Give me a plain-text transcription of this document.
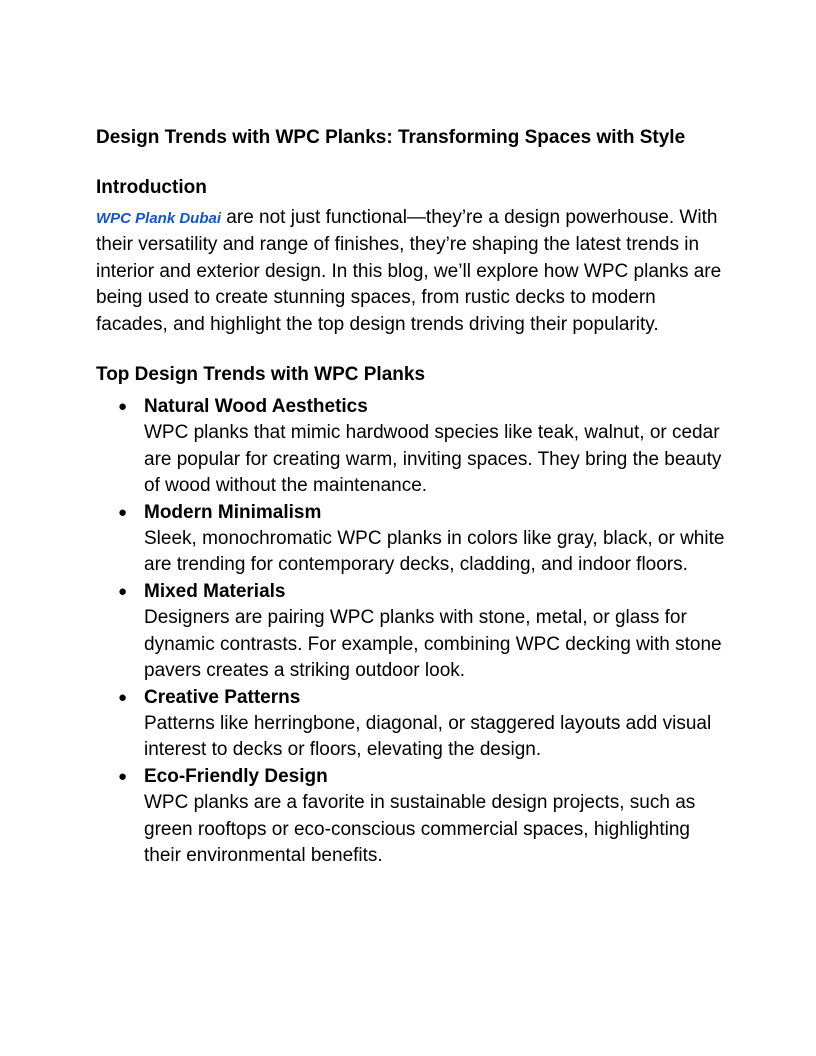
Design Trends with WPC Planks: Transforming Spaces with Style
Introduction

WPC Plank Dubai are not just functional—they’re a design powerhouse. With their versatility and range of finishes, they’re shaping the latest trends in interior and exterior design. In this blog, we’ll explore how WPC planks are being used to create stunning spaces, from rustic decks to modern facades, and highlight the top design trends driving their popularity.

Top Design Trends with WPC Planks
● Natural Wood Aesthetics
WPC planks that mimic hardwood species like teak, walnut, or cedar are popular for creating warm, inviting spaces. They bring the beauty of wood without the maintenance.
● Modern Minimalism
Sleek, monochromatic WPC planks in colors like gray, black, or white are trending for contemporary decks, cladding, and indoor floors.
● Mixed Materials
Designers are pairing WPC planks with stone, metal, or glass for dynamic contrasts. For example, combining WPC decking with stone pavers creates a striking outdoor look.
● Creative Patterns
Patterns like herringbone, diagonal, or staggered layouts add visual interest to decks or floors, elevating the design.
● Eco-Friendly Design
WPC planks are a favorite in sustainable design projects, such as green rooftops or eco-conscious commercial spaces, highlighting their environmental benefits.
